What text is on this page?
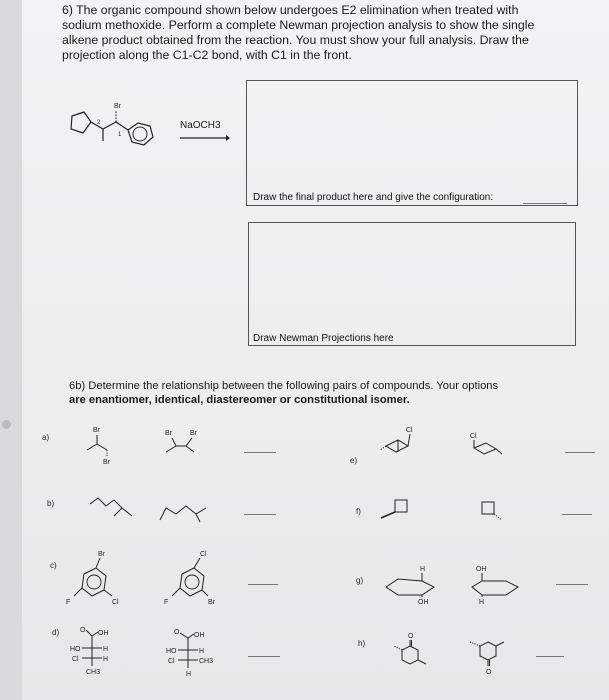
6) The organic compound shown below undergoes E2 elimination when treated with

sodium methoxide. Perform a complete Newman projection analysis to show the single

alkene product obtained from the reaction. You must show your full analysis. Draw the

projection along the C1-C2 bond, with C1 in the front.

Br
2
1
NaOCH3
Draw the final product here and give the configuration:
Draw Newman Projections here
6b) Determine the relationship between the following pairs of compounds. Your options
are enantiomer, identical, diastereomer or constitutional isomer.
a)
b)
c)
d)
e)
f)
g)
h)
Br
Br
Br	Br	Cl
Cl
Br
F	Cl
Cl
F	Br
H
OH
OH
H
O OH
HO	H
Cl	H
CH3
O OH
HO	H
Cl	CH3
H
O
O
